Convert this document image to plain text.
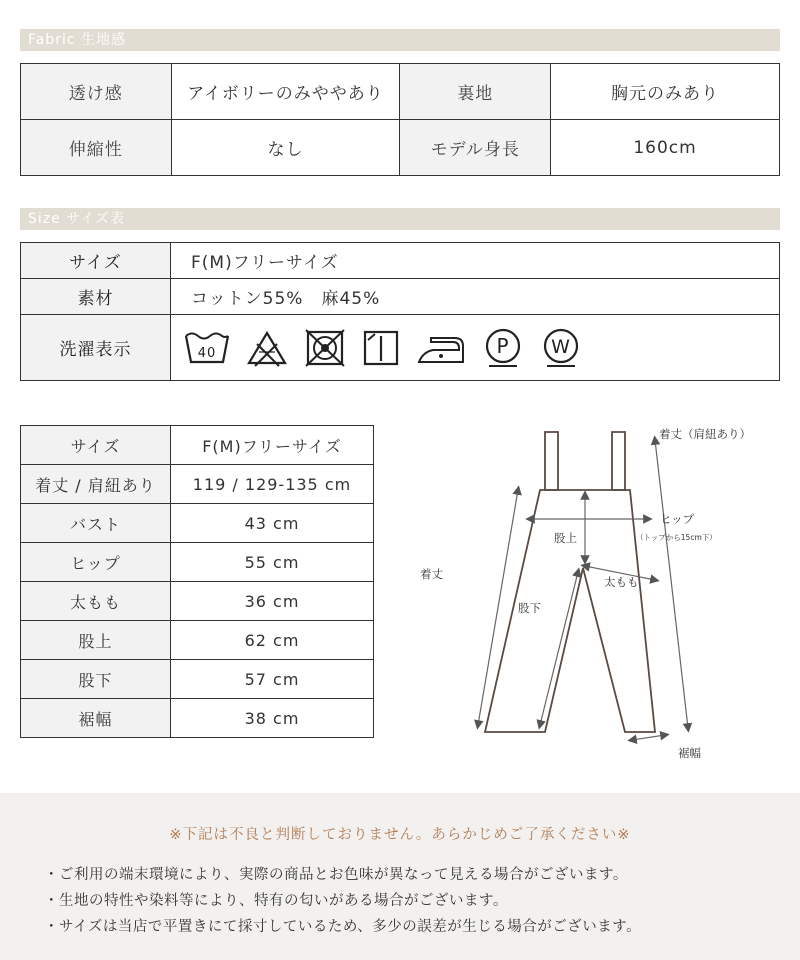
Fabric 生地感
透け感	アイボリーのみややあり	裏地	胸元のみあり
伸縮性	なし	モデル身長	160cm
Size サイズ表
サイズ	F(M)フリーサイズ
素材	コットン55%　麻45%
洗濯表示	40 P W
サイズ	F(M)フリーサイズ
着丈 / 肩紐あり	119 / 129-135 cm
バスト	43 cm
ヒップ	55 cm
太もも	36 cm
股上	62 cm
股下	57 cm
裾幅	38 cm
着丈（肩紐あり）
ヒップ
（トップから15cm下）
股上
太もも
着丈
股下
裾幅
※下記は不良と判断しておりません。あらかじめご了承ください※
・ご利用の端末環境により、実際の商品とお色味が異なって見える場合がございます。
・生地の特性や染料等により、特有の匂いがある場合がございます。
・サイズは当店で平置きにて採寸しているため、多少の誤差が生じる場合がございます。
